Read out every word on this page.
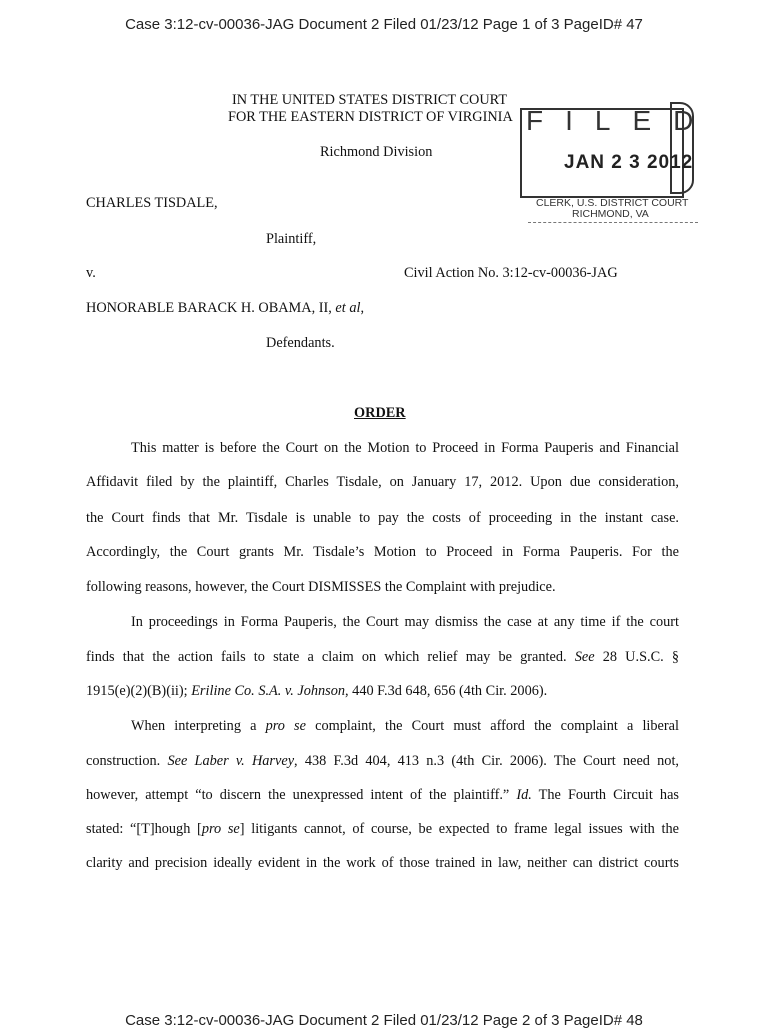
Case 3:12-cv-00036-JAG Document 2 Filed 01/23/12 Page 1 of 3 PageID# 47
IN THE UNITED STATES DISTRICT COURT
FOR THE EASTERN DISTRICT OF VIRGINIA
Richmond Division
FILED
JAN 2 3 2012
CLERK, U.S. DISTRICT COURT
RICHMOND, VA
CHARLES TISDALE,
Plaintiff,
v.	Civil Action No. 3:12-cv-00036-JAG
HONORABLE BARACK H. OBAMA, II, et al,
Defendants.
ORDER
This matter is before the Court on the Motion to Proceed in Forma Pauperis and Financial
Affidavit filed by the plaintiff, Charles Tisdale, on January 17, 2012. Upon due consideration,
the Court finds that Mr. Tisdale is unable to pay the costs of proceeding in the instant case.
Accordingly, the Court grants Mr. Tisdale’s Motion to Proceed in Forma Pauperis. For the
following reasons, however, the Court DISMISSES the Complaint with prejudice.
In proceedings in Forma Pauperis, the Court may dismiss the case at any time if the court
finds that the action fails to state a claim on which relief may be granted. See 28 U.S.C. §
1915(e)(2)(B)(ii); Eriline Co. S.A. v. Johnson, 440 F.3d 648, 656 (4th Cir. 2006).
When interpreting a pro se complaint, the Court must afford the complaint a liberal
construction. See Laber v. Harvey, 438 F.3d 404, 413 n.3 (4th Cir. 2006). The Court need not,
however, attempt “to discern the unexpressed intent of the plaintiff.” Id. The Fourth Circuit has
stated: “[T]hough [pro se] litigants cannot, of course, be expected to frame legal issues with the
clarity and precision ideally evident in the work of those trained in law, neither can district courts
Case 3:12-cv-00036-JAG Document 2 Filed 01/23/12 Page 2 of 3 PageID# 48
